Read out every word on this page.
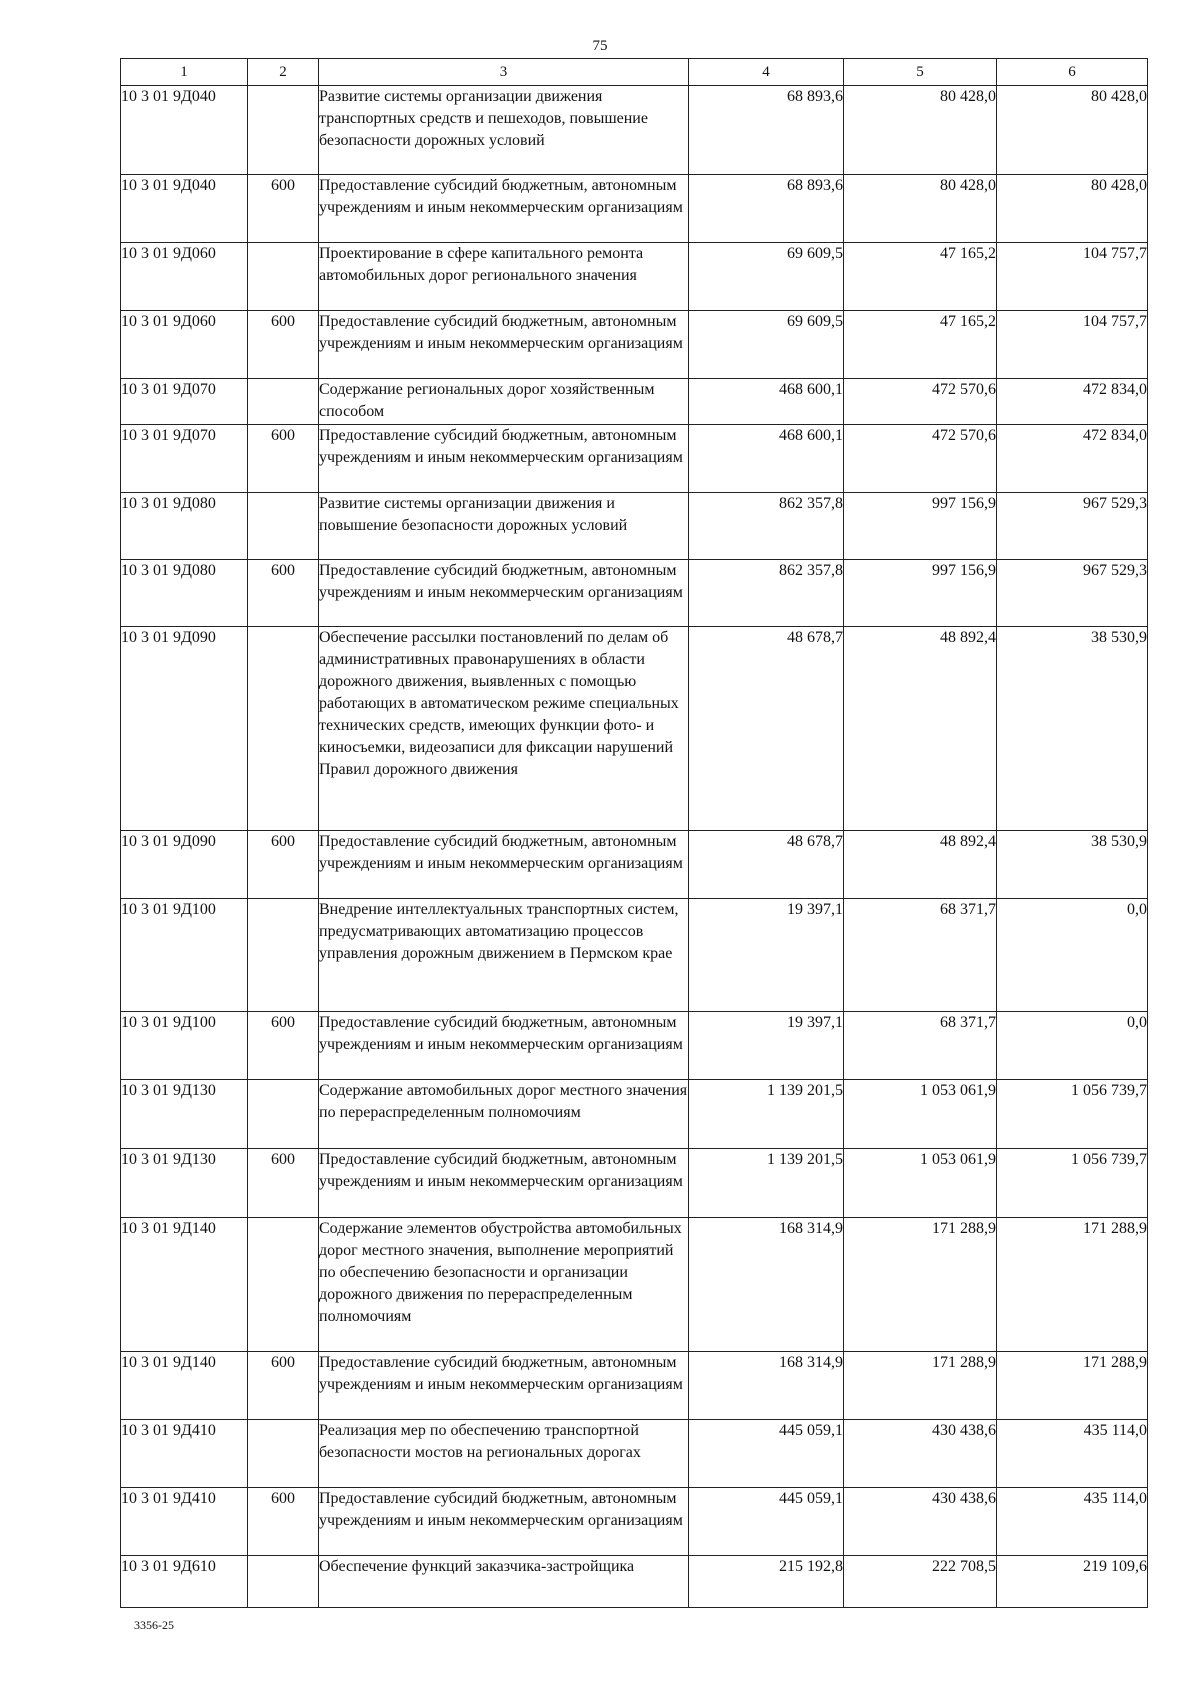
75
1	2	3	4	5	6
10 3 01 9Д040		Развитие системы организации движения транспортных средств и пешеходов, повышение безопасности дорожных условий	68 893,6	80 428,0	80 428,0
10 3 01 9Д040	600	Предоставление субсидий бюджетным, автономным учреждениям и иным некоммерческим организациям	68 893,6	80 428,0	80 428,0
10 3 01 9Д060		Проектирование в сфере капитального ремонта автомобильных дорог регионального значения	69 609,5	47 165,2	104 757,7
10 3 01 9Д060	600	Предоставление субсидий бюджетным, автономным учреждениям и иным некоммерческим организациям	69 609,5	47 165,2	104 757,7
10 3 01 9Д070		Содержание региональных дорог хозяйственным способом	468 600,1	472 570,6	472 834,0
10 3 01 9Д070	600	Предоставление субсидий бюджетным, автономным учреждениям и иным некоммерческим организациям	468 600,1	472 570,6	472 834,0
10 3 01 9Д080		Развитие системы организации движения и повышение безопасности дорожных условий	862 357,8	997 156,9	967 529,3
10 3 01 9Д080	600	Предоставление субсидий бюджетным, автономным учреждениям и иным некоммерческим организациям	862 357,8	997 156,9	967 529,3
10 3 01 9Д090		Обеспечение рассылки постановлений по делам об административных правонарушениях в области дорожного движения, выявленных с помощью работающих в автоматическом режиме специальных технических средств, имеющих функции фото- и киносъемки, видеозаписи для фиксации нарушений Правил дорожного движения	48 678,7	48 892,4	38 530,9
10 3 01 9Д090	600	Предоставление субсидий бюджетным, автономным учреждениям и иным некоммерческим организациям	48 678,7	48 892,4	38 530,9
10 3 01 9Д100		Внедрение интеллектуальных транспортных систем, предусматривающих автоматизацию процессов управления дорожным движением в Пермском крае	19 397,1	68 371,7	0,0
10 3 01 9Д100	600	Предоставление субсидий бюджетным, автономным учреждениям и иным некоммерческим организациям	19 397,1	68 371,7	0,0
10 3 01 9Д130		Содержание автомобильных дорог местного значения по перераспределенным полномочиям	1 139 201,5	1 053 061,9	1 056 739,7
10 3 01 9Д130	600	Предоставление субсидий бюджетным, автономным учреждениям и иным некоммерческим организациям	1 139 201,5	1 053 061,9	1 056 739,7
10 3 01 9Д140		Содержание элементов обустройства автомобильных дорог местного значения, выполнение мероприятий по обеспечению безопасности и организации дорожного движения по перераспределенным полномочиям	168 314,9	171 288,9	171 288,9
10 3 01 9Д140	600	Предоставление субсидий бюджетным, автономным учреждениям и иным некоммерческим организациям	168 314,9	171 288,9	171 288,9
10 3 01 9Д410		Реализация мер по обеспечению транспортной безопасности мостов на региональных дорогах	445 059,1	430 438,6	435 114,0
10 3 01 9Д410	600	Предоставление субсидий бюджетным, автономным учреждениям и иным некоммерческим организациям	445 059,1	430 438,6	435 114,0
10 3 01 9Д610		Обеспечение функций заказчика-застройщика	215 192,8	222 708,5	219 109,6
3356-25
